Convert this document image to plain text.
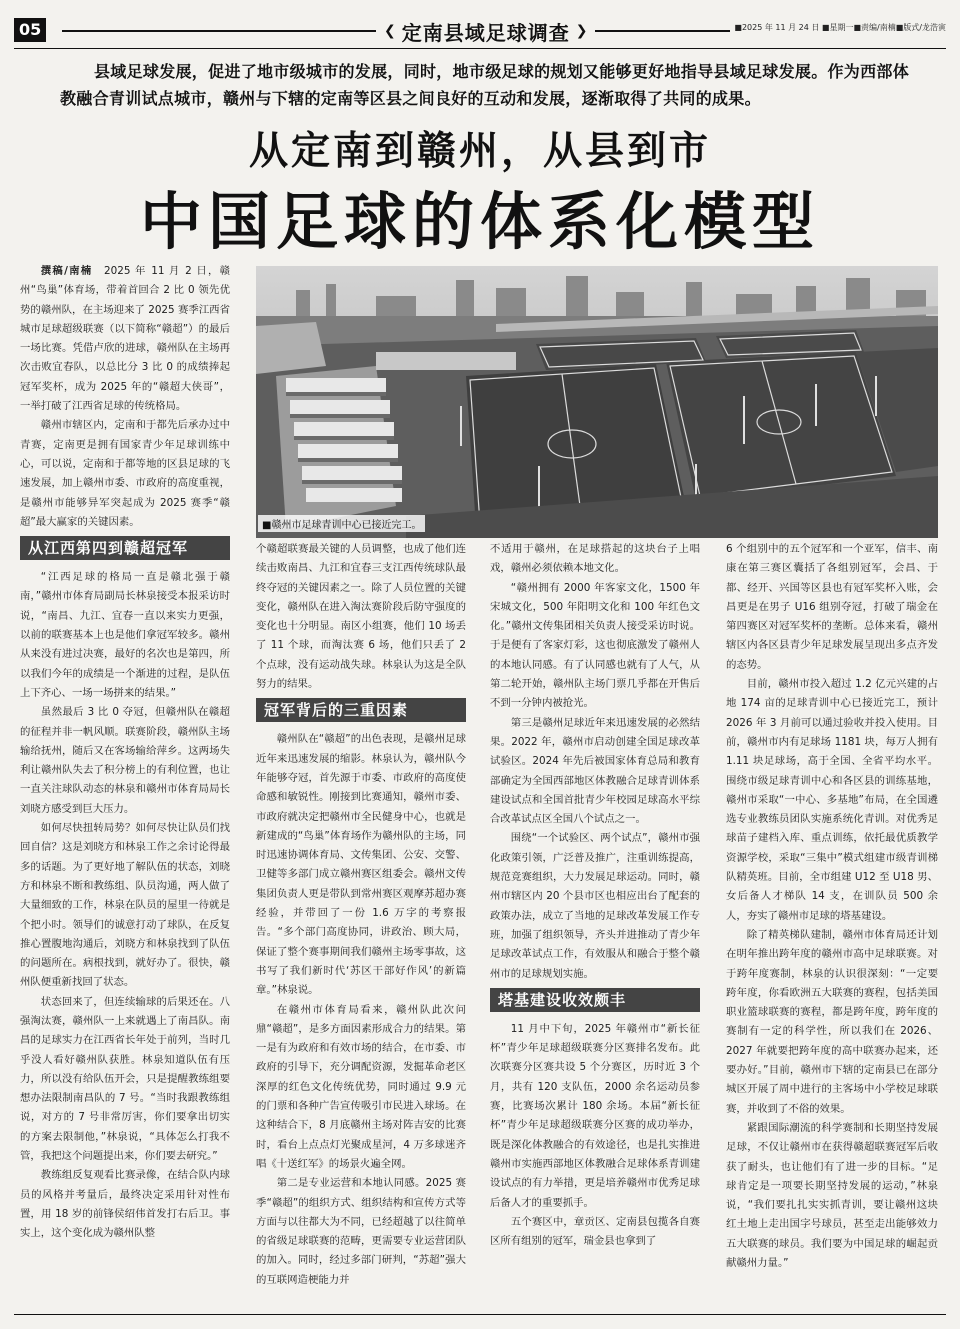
05	❮ 定南县域足球调查 ❯	■2025 年 11 月 24 日 ■星期一■责编/南楠■版式/龙浩寅
县域足球发展，促进了地市级城市的发展，同时，地市级足球的规划又能够更好地指导县域足球发展。作为西部体教融合青训试点城市，赣州与下辖的定南等区县之间良好的互动和发展，逐渐取得了共同的成果。
从定南到赣州，从县到市
中国足球的体系化模型
■赣州市足球青训中心已接近完工。

撰稿/南楠　 2025 年 11 月 2 日，赣州“鸟巢”体育场，带着首回合 2 比 0 领先优势的赣州队，在主场迎来了 2025 赛季江西省城市足球超级联赛（以下简称“赣超”）的最后一场比赛。凭借卢欣的进球，赣州队在主场再次击败宜春队，以总比分 3 比 0 的成绩捧起冠军奖杯，成为 2025 年的“赣超大侠哥”，一举打破了江西省足球的传统格局。

赣州市辖区内，定南和于都先后承办过中青赛，定南更是拥有国家青少年足球训练中心，可以说，定南和于都等地的区县足球的飞速发展，加上赣州市委、市政府的高度重视，是赣州市能够异军突起成为 2025 赛季“赣超”最大赢家的关键因素。

从江西第四到赣超冠军

“江西足球的格局一直是赣北强于赣南，”赣州市体育局副局长林泉接受本报采访时说，“南昌、九江、宜春一直以来实力更强，以前的联赛基本上也是他们拿冠军较多。赣州从来没有进过决赛，最好的名次也是第四，所以我们今年的成绩是一个渐进的过程，是队伍上下齐心、一场一场拼来的结果。”

虽然最后 3 比 0 夺冠，但赣州队在赣超的征程并非一帆风顺。联赛阶段，赣州队主场输给抚州，随后又在客场输给萍乡。这两场失利让赣州队失去了积分榜上的有利位置，也让一直关注球队动态的林泉和赣州市体育局局长刘晓方感受到巨大压力。

如何尽快扭转局势？如何尽快让队员们找回自信？这是刘晓方和林泉工作之余讨论得最多的话题。为了更好地了解队伍的状态，刘晓方和林泉不断和教练组、队员沟通，两人做了大量细致的工作，林泉在队员的屋里一待就是个把小时。领导们的诚意打动了球队，在反复推心置腹地沟通后，刘晓方和林泉找到了队伍的问题所在。病根找到，就好办了。很快，赣州队便重新找回了状态。

状态回来了，但连续输球的后果还在。八强淘汰赛，赣州队一上来就遇上了南昌队。南昌的足球实力在江西省长年处于前列，当时几乎没人看好赣州队获胜。林泉知道队伍有压力，所以没有给队伍开会，只是提醒教练组要想办法限制南昌队的 7 号。“当时我跟教练组说，对方的 7 号非常厉害，你们要拿出切实的方案去限制他，”林泉说，“具体怎么打我不管，我把这个问题提出来，你们要去研究。”

教练组反复观看比赛录像，在结合队内球员的风格并考量后，最终决定采用针对性布置，用 18 岁的前锋侯绍伟首发打右后卫。事实上，这个变化成为赣州队整

个赣超联赛最关键的人员调整，也成了他们连续击败南昌、九江和宜春三支江西传统球队最终夺冠的关键因素之一。除了人员位置的关键变化，赣州队在进入淘汰赛阶段后防守强度的变化也十分明显。南区小组赛，他们 10 场丢了 11 个球，而淘汰赛 6 场，他们只丢了 2 个点球，没有运动战失球。林泉认为这是全队努力的结果。

冠军背后的三重因素

赣州队在“赣超”的出色表现，是赣州足球近年来迅速发展的缩影。林泉认为，赣州队今年能够夺冠，首先源于市委、市政府的高度使命感和敏锐性。刚接到比赛通知，赣州市委、市政府就决定把赣州市全民健身中心，也就是新建成的“鸟巢”体育场作为赣州队的主场，同时迅速协调体育局、文传集团、公安、交警、卫健等多部门成立赣州赛区组委会。赣州文传集团负责人更是带队到常州赛区观摩苏超办赛经验，并带回了一份 1.6 万字的考察报告。“多个部门高度协同，讲政治、顾大局，保证了整个赛事期间我们赣州主场零事故，这书写了我们新时代‘苏区干部好作风’的新篇章。”林泉说。

在赣州市体育局看来，赣州队此次问鼎“赣超”，是多方面因素形成合力的结果。第一是有为政府和有效市场的结合，在市委、市政府的引导下，充分调配资源，发掘革命老区深厚的红色文化传统优势，同时通过 9.9 元的门票和各种广告宣传吸引市民进入球场。在这种结合下，8 月底赣州主场对阵吉安的比赛时，看台上点点灯光聚成星河，4 万多球迷齐唱《十送红军》的场景火遍全网。

第二是专业运营和本地认同感。2025 赛季“赣超”的组织方式、组织结构和宣传方式等方面与以往都大为不同，已经超越了以往简单的省级足球联赛的范畴，更需要专业运营团队的加入。同时，经过多部门研判，“苏超”强大的互联网造梗能力并

不适用于赣州，在足球搭起的这块台子上唱戏，赣州必须依赖本地文化。

“赣州拥有 2000 年客家文化，1500 年宋城文化，500 年阳明文化和 100 年红色文化。”赣州文传集团相关负责人接受采访时说。于是便有了客家灯彩，这也彻底激发了赣州人的本地认同感。有了认同感也就有了人气，从第二轮开始，赣州队主场门票几乎都在开售后不到一分钟内被抢光。

第三是赣州足球近年来迅速发展的必然结果。2022 年，赣州市启动创建全国足球改革试验区。2024 年先后被国家体育总局和教育部确定为全国西部地区体教融合足球青训体系建设试点和全国首批青少年校园足球高水平综合改革试点区全国八个试点之一。

围绕“一个试验区、两个试点”，赣州市强化政策引领，广泛普及推广，注重训练提高，规范竞赛组织，大力发展足球运动。同时，赣州市辖区内 20 个县市区也相应出台了配套的政策办法，成立了当地的足球改革发展工作专班，加强了组织领导，齐头并进推动了青少年足球改革试点工作，有效服从和融合于整个赣州市的足球规划实施。

塔基建设收效颇丰

11 月中下旬，2025 年赣州市“新长征杯”青少年足球超级联赛分区赛排名发布。此次联赛分区赛共设 5 个分赛区，历时近 3 个月，共有 120 支队伍，2000 余名运动员参赛，比赛场次累计 180 余场。本届“新长征杯”青少年足球超级联赛分区赛的成功举办，既是深化体教融合的有效途径，也是扎实推进赣州市实施西部地区体教融合足球体系青训建设试点的有力举措，更是培养赣州市优秀足球后备人才的重要抓手。

五个赛区中，章贡区、定南县包揽各自赛区所有组别的冠军，瑞金县也拿到了

6 个组别中的五个冠军和一个亚军，信丰、南康在第三赛区囊括了各组别冠军，会昌、于都、经开、兴国等区县也有冠军奖杯入账，会昌更是在男子 U16 组别夺冠，打破了瑞金在第四赛区对冠军奖杯的垄断。总体来看，赣州辖区内各区县青少年足球发展呈现出多点齐发的态势。

目前，赣州市投入超过 1.2 亿元兴建的占地 174 亩的足球青训中心已接近完工，预计 2026 年 3 月前可以通过验收并投入使用。目前，赣州市内有足球场 1181 块，每万人拥有 1.11 块足球场，高于全国、全省平均水平。围绕市级足球青训中心和各区县的训练基地，赣州市采取“一中心、多基地”布局，在全国遴选专业教练员团队实施系统化青训。对优秀足球苗子建档入库、重点训练，依托最优质教学资源学校，采取“三集中”模式组建市级青训梯队精英班。目前，全市组建 U12 至 U18 男、女后备人才梯队 14 支，在训队员 500 余人，夯实了赣州市足球的塔基建设。

除了精英梯队建制，赣州市体育局还计划在明年推出跨年度的赣州市高中足球联赛。对于跨年度赛制，林泉的认识很深刻：“一定要跨年度，你看欧洲五大联赛的赛程，包括美国职业篮球联赛的赛程，都是跨年度，跨年度的赛制有一定的科学性，所以我们在 2026、2027 年就要把跨年度的高中联赛办起来，还要办好。”目前，赣州市下辖的定南县已在部分城区开展了周中进行的主客场中小学校足球联赛，并收到了不俗的效果。

紧跟国际潮流的科学赛制和长期坚持发展足球，不仅让赣州市在获得赣超联赛冠军后收获了耐头，也让他们有了进一步的目标。“足球肯定是一项要长期坚持发展的运动，”林泉说，“我们要扎扎实实抓青训，要让赣州这块红土地上走出国字号球员，甚至走出能够效力五大联赛的球员。我们要为中国足球的崛起贡献赣州力量。”
